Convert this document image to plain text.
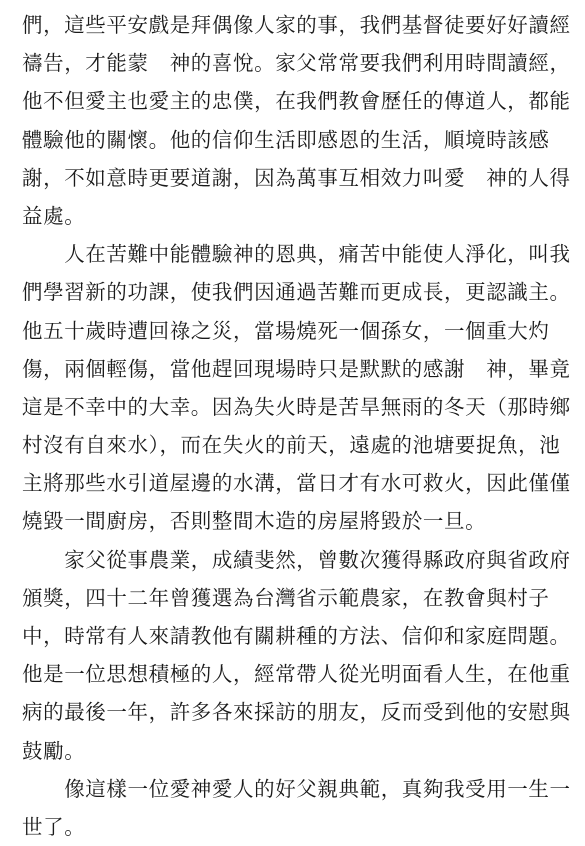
們，這些平安戲是拜偶像人家的事，我們基督徒要好好讀經
禱告，才能蒙　神的喜悅。家父常常要我們利用時間讀經，
他不但愛主也愛主的忠僕，在我們教會歷任的傳道人，都能
體驗他的關懷。他的信仰生活即感恩的生活，順境時該感
謝，不如意時更要道謝，因為萬事互相效力叫愛　神的人得
益處。
　　人在苦難中能體驗神的恩典，痛苦中能使人淨化，叫我
們學習新的功課，使我們因通過苦難而更成長，更認識主。
他五十歲時遭回祿之災，當場燒死一個孫女，一個重大灼
傷，兩個輕傷，當他趕回現場時只是默默的感謝　神，畢竟
這是不幸中的大幸。因為失火時是苦旱無雨的冬天（那時鄉
村沒有自來水），而在失火的前天，遠處的池塘要捉魚，池
主將那些水引道屋邊的水溝，當日才有水可救火，因此僅僅
燒毀一間廚房，否則整間木造的房屋將毀於一旦。
　　家父從事農業，成績斐然，曾數次獲得縣政府與省政府
頒獎，四十二年曾獲選為台灣省示範農家，在教會與村子
中，時常有人來請教他有關耕種的方法、信仰和家庭問題。
他是一位思想積極的人，經常帶人從光明面看人生，在他重
病的最後一年，許多各來採訪的朋友，反而受到他的安慰與
鼓勵。
　　像這樣一位愛神愛人的好父親典範，真夠我受用一生一
世了。
